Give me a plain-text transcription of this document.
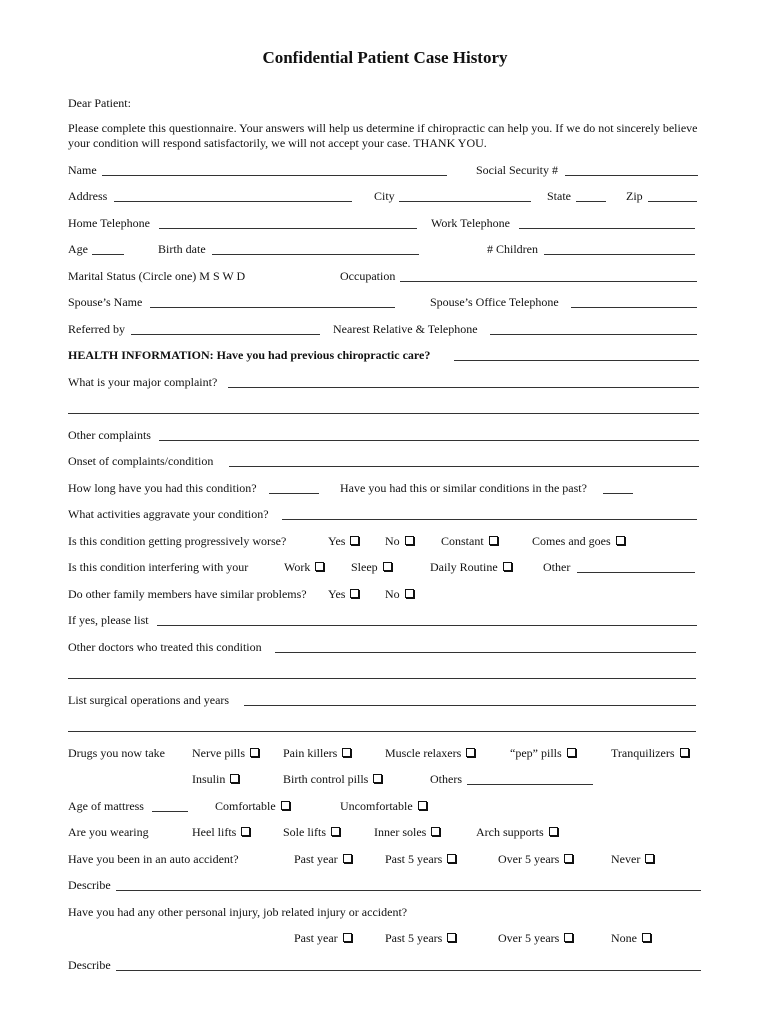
Confidential Patient Case History
Dear Patient:
Please complete this questionnaire. Your answers will help us determine if chiropractic can help you. If we do not sincerely believe your condition will respond satisfactorily, we will not accept your case. THANK YOU.
Name	Social Security #
Address	City	State	Zip
Home Telephone	Work Telephone
Age	Birth date	# Children
Marital Status (Circle one) M S W D	Occupation
Spouse’s Name	Spouse’s Office Telephone
Referred by	Nearest Relative & Telephone
HEALTH INFORMATION: Have you had previous chiropractic care?
What is your major complaint?
Other complaints
Onset of complaints/condition
How long have you had this condition?	Have you had this or similar conditions in the past?
What activities aggravate your condition?
Is this condition getting progressively worse?	Yes	No	Constant	Comes and goes
Is this condition interfering with your	Work	Sleep	Daily Routine	Other
Do other family members have similar problems? Yes	No
If yes, please list
Other doctors who treated this condition
List surgical operations and years
Drugs you now take Nerve pills	Pain killers	Muscle relaxers	“pep” pills	Tranquilizers
Insulin	Birth control pills	Others
Age of mattress	Comfortable	Uncomfortable
Are you wearing	Heel lifts	Sole lifts	Inner soles	Arch supports
Have you been in an auto accident?	Past year	Past 5 years	Over 5 years	Never
Describe
Have you had any other personal injury, job related injury or accident?
Past year	Past 5 years	Over 5 years	None
Describe
